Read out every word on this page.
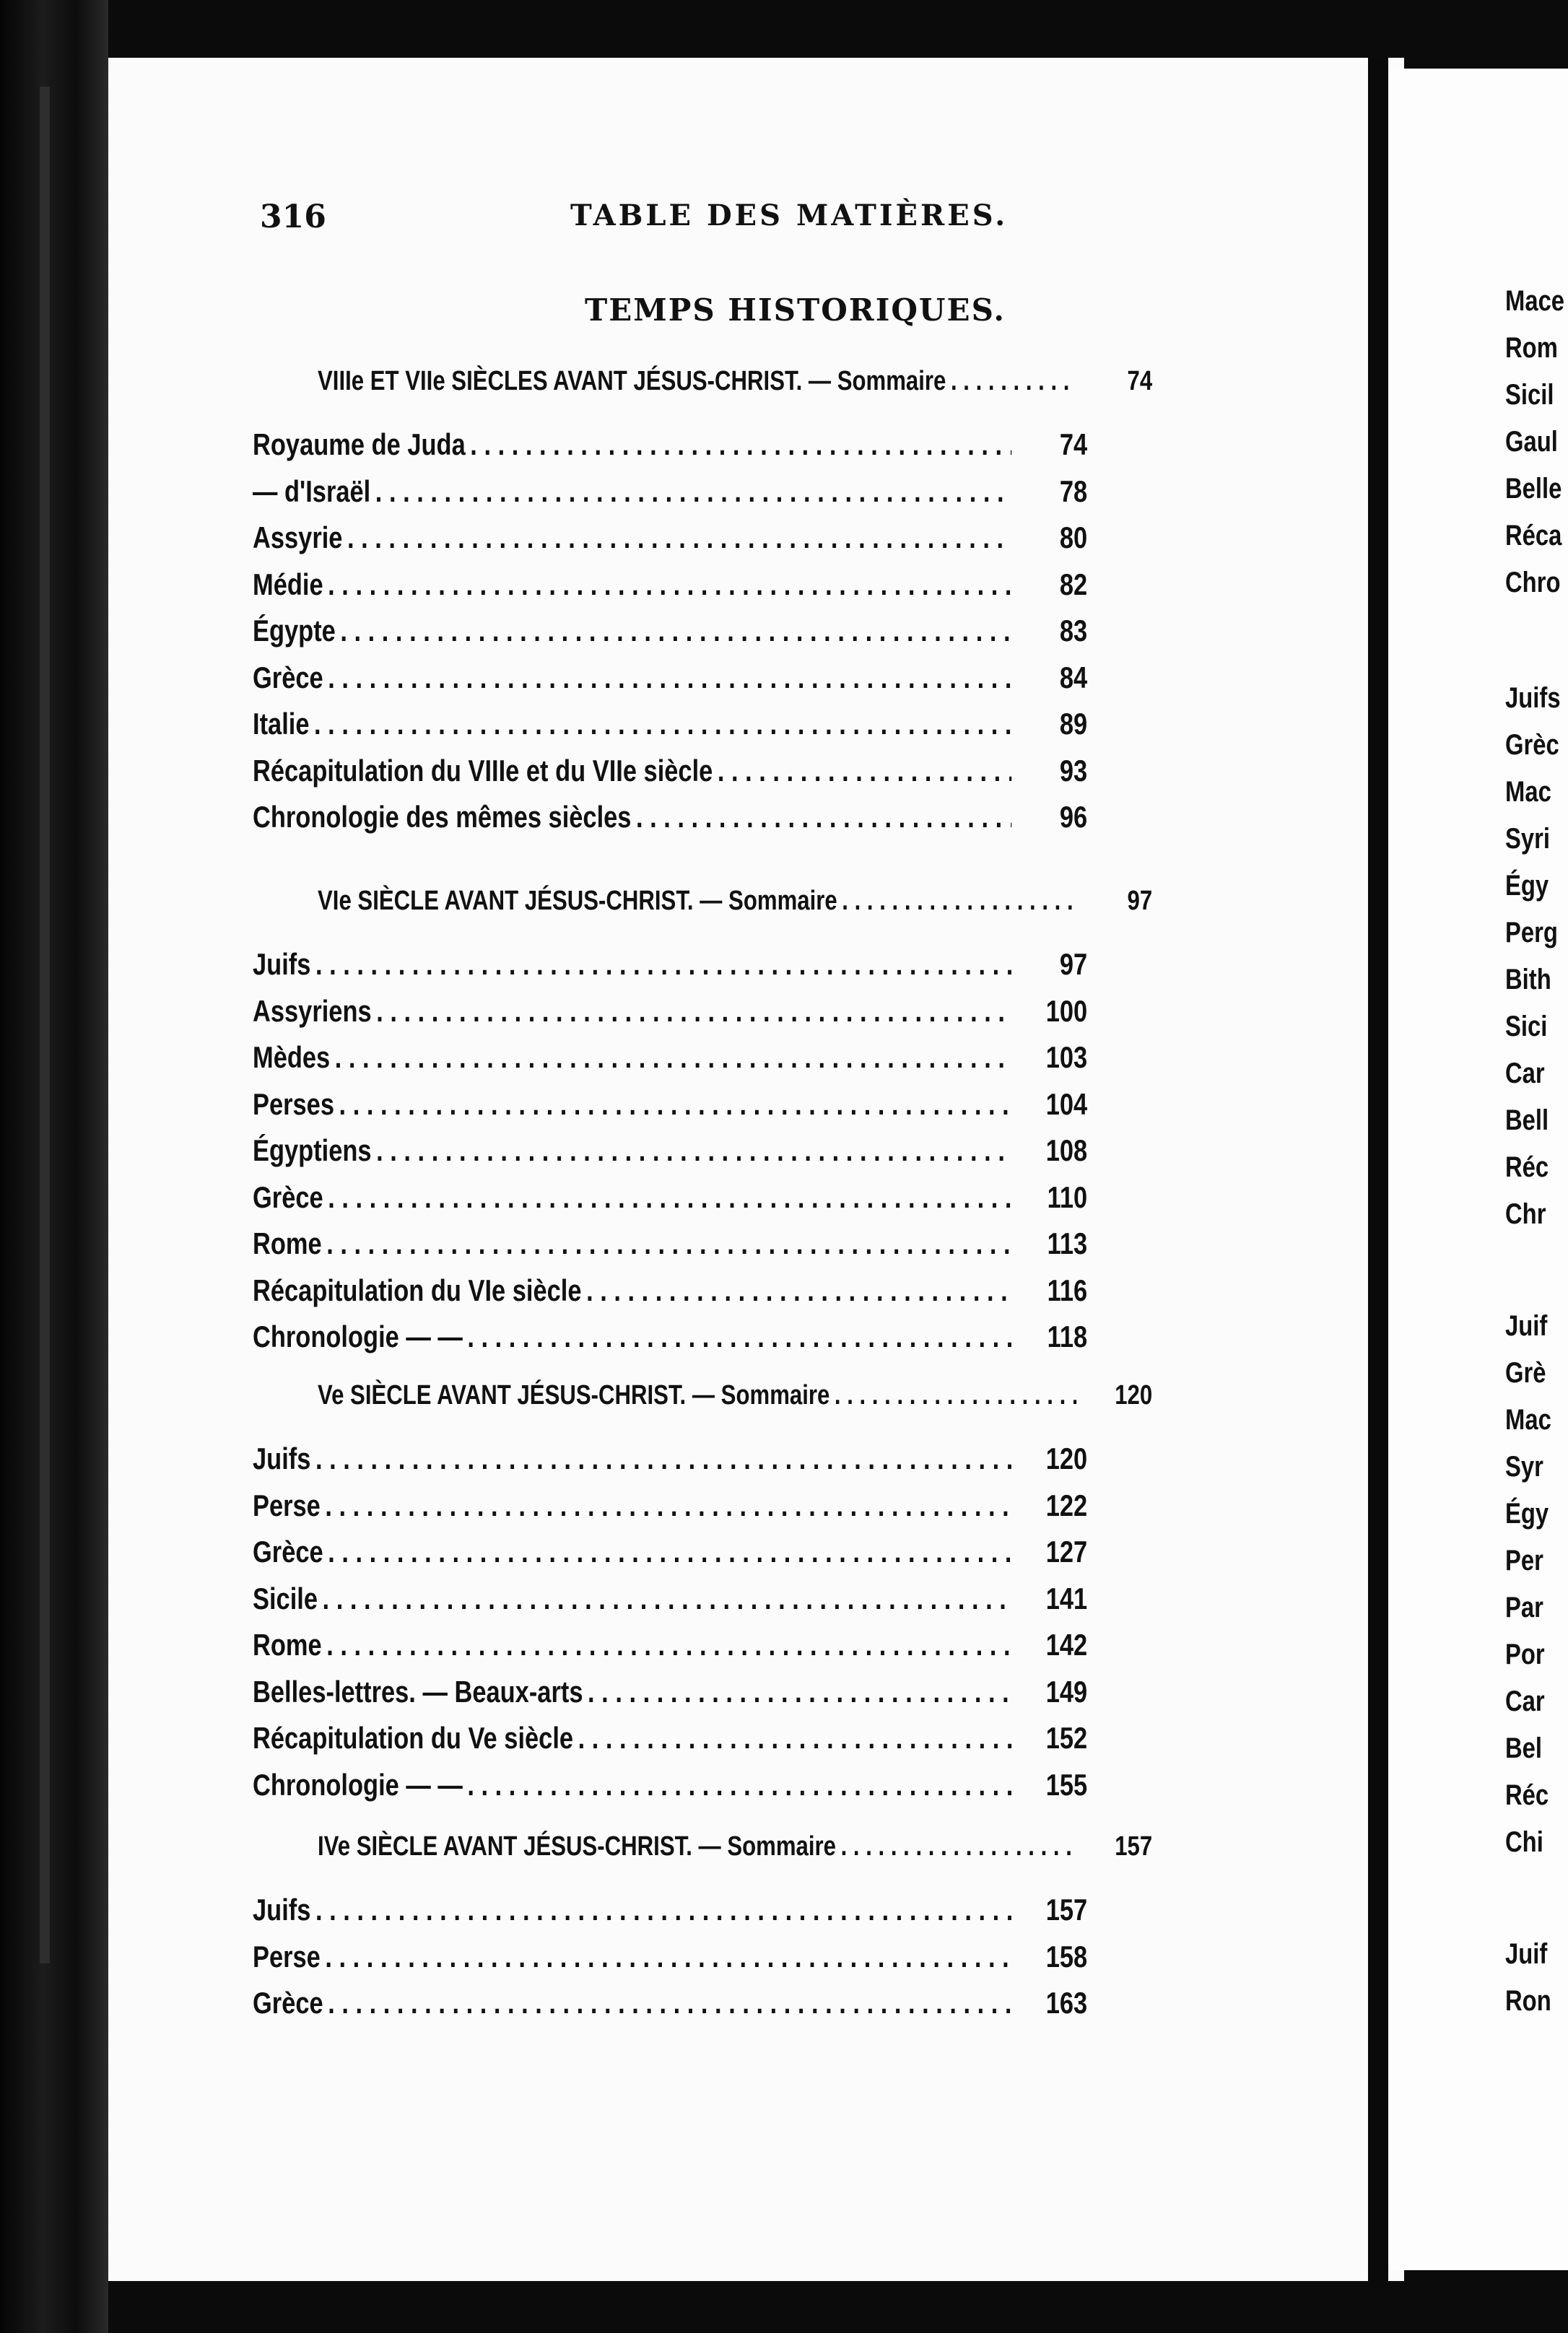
316	TABLE DES MATIÈRES.
TEMPS HISTORIQUES.
VIIIe ET VIIe SIÈCLES AVANT JÉSUS-CHRIST. — Sommaire . . .	74
Royaume de Juda . . .	74
— d'Israël . . .	78
Assyrie . . .	80
Médie . . .	82
Égypte . . .	83
Grèce . . .	84
Italie . . .	89
Récapitulation du VIIIe et du VIIe siècle . . .	93
Chronologie des mêmes siècles . . .	96
VIe SIÈCLE AVANT JÉSUS-CHRIST. — Sommaire . . .	97
Juifs . . .	97
Assyriens . . .	100
Mèdes . . .	103
Perses . . .	104
Égyptiens . . .	108
Grèce . . .	110
Rome . . .	113
Récapitulation du VIe siècle . . .	116
Chronologie — — . . .	118
Ve SIÈCLE AVANT JÉSUS-CHRIST. — Sommaire . . .	120
Juifs . . .	120
Perse . . .	122
Grèce . . .	127
Sicile . . .	141
Rome . . .	142
Belles-lettres. — Beaux-arts . . .	149
Récapitulation du Ve siècle . . .	152
Chronologie — — . . .	155
IVe SIÈCLE AVANT JÉSUS-CHRIST. — Sommaire . . .	157
Juifs . . .	157
Perse . . .	158
Grèce . . .	163
Mace
Rom
Sicil
Gaul
Belle
Réca
Chro
Juifs
Grèc
Mac
Syri
Égy
Perg
Bith
Sici
Car
Bell
Réc
Chr
Juif
Grè
Mac
Syr
Égy
Per
Par
Por
Car
Bel
Réc
Chi
Juif
Ron
